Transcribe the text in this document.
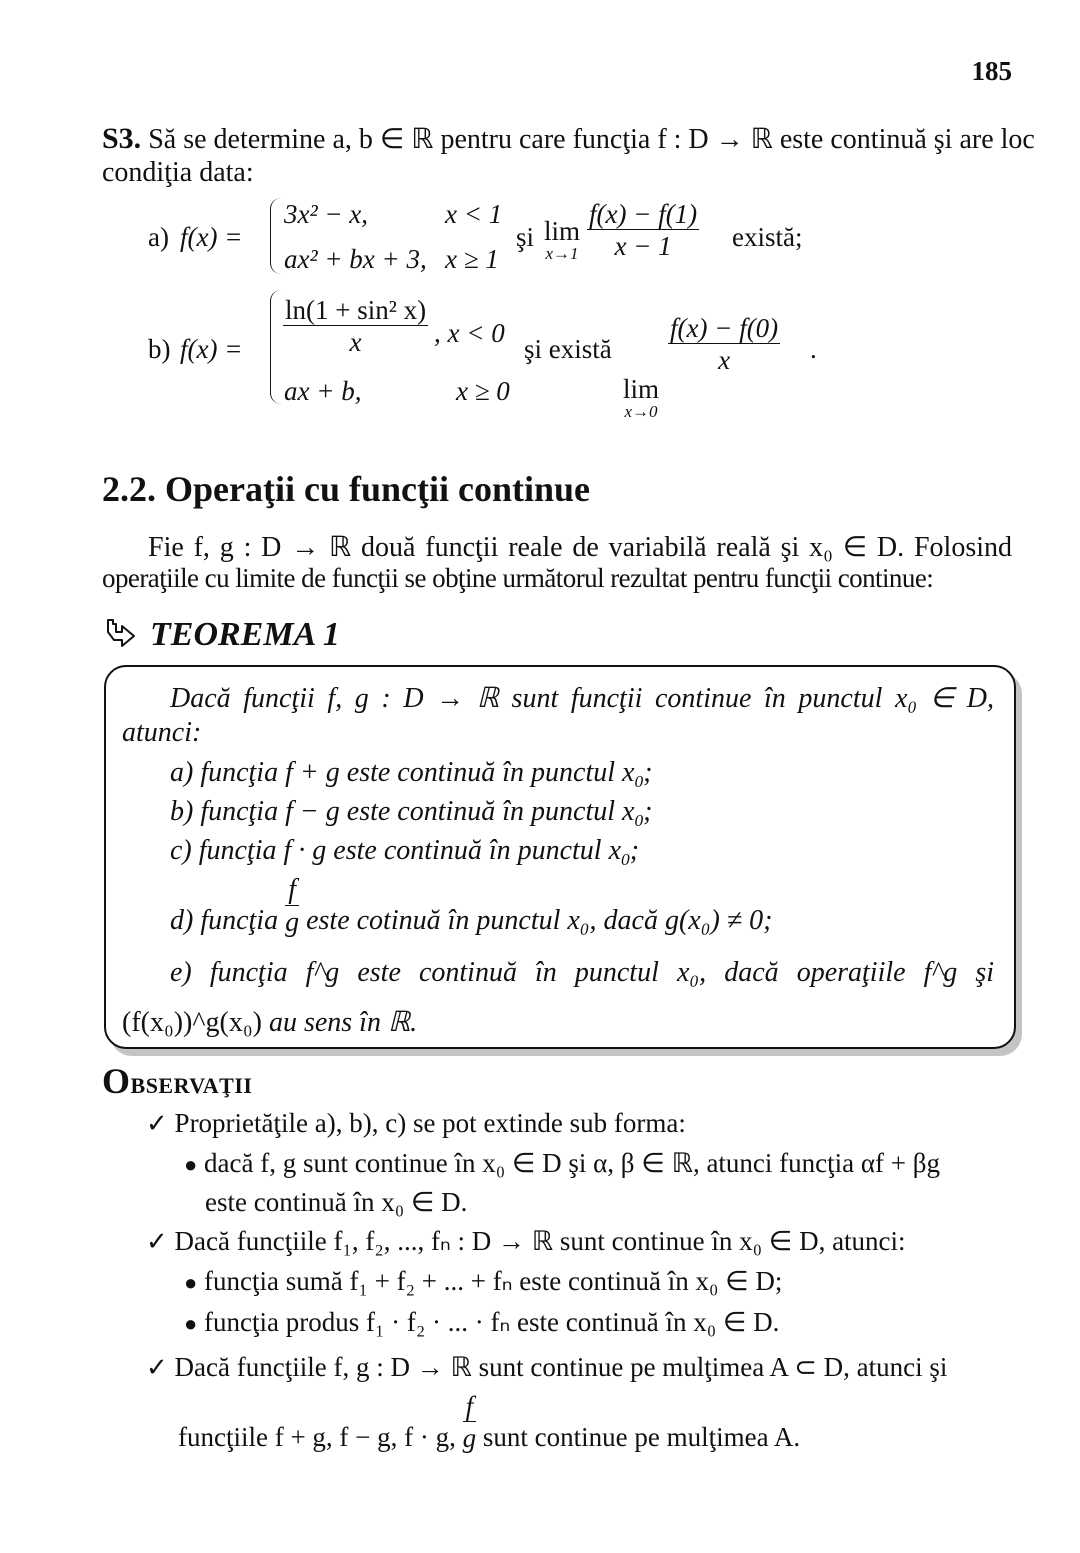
185
S3. Să se determine a, b ∈ ℝ pentru care funcţia f : D → ℝ este continuă şi are loc
condiţia data:
a) f(x) =
3x² − x,	x < 1
ax² + bx + 3, x ≥ 1
şi lim
$x\to 1 \frac{f(x) - f(1)}{x - 1}$ există;
b) $f(x) = \frac{\text{ln(1 + sin² x)}}{x}$ , x < 0
ax + b,	x ≥ 0
şi există
lim
x→0
$\frac{f(x) - f(0)}{x}$ .
2.2. Operaţii cu funcţii continue
Fie f, g : D → ℝ două funcţii reale de variabilă reală şi x₀ ∈ D. Folosind
operaţiile cu limite de funcţii se obţine următorul rezultat pentru funcţii continue:
TEOREMA 1
Dacă funcţii f, g : D → ℝ sunt funcţii continue în punctul x₀ ∈ D,
atunci:
a) funcţia f + g este continuă în punctul $x_0$;
b) funcţia f − g este continuă în punctul $x_0$;
c) funcţia f · g este continuă în punctul $x_0$;
d) funcţia $\frac{f}{g}$ este cotinuă în punctul x₀, dacă g(x₀) ≠ 0;
e) funcţia f^g este continuă în punctul x₀, dacă operaţiile f^g şi
(f(x₀))^g(x₀) au sens în ℝ.
OBSERVAŢII
✓ Proprietăţile a), b), c) se pot extinde sub forma:
● dacă f, g sunt continue în x₀ ∈ D şi α, β ∈ ℝ, atunci funcţia αf + βg
este continuă în x₀ ∈ D.
✓ Dacă funcţiile f₁, f₂, ..., fₙ : D → ℝ sunt continue în x₀ ∈ D, atunci:
● funcţia sumă f₁ + f₂ + ... + fₙ este continuă în x₀ ∈ D;
● funcţia produs f₁ · f₂ · ... · fₙ este continuă în x₀ ∈ D.
✓ Dacă funcţiile f, g : D → ℝ sunt continue pe mulţimea A ⊂ D, atunci şi
funcţiile f + g, f − g, f · g, $\frac{f}{g}$ sunt continue pe mulţimea A.
